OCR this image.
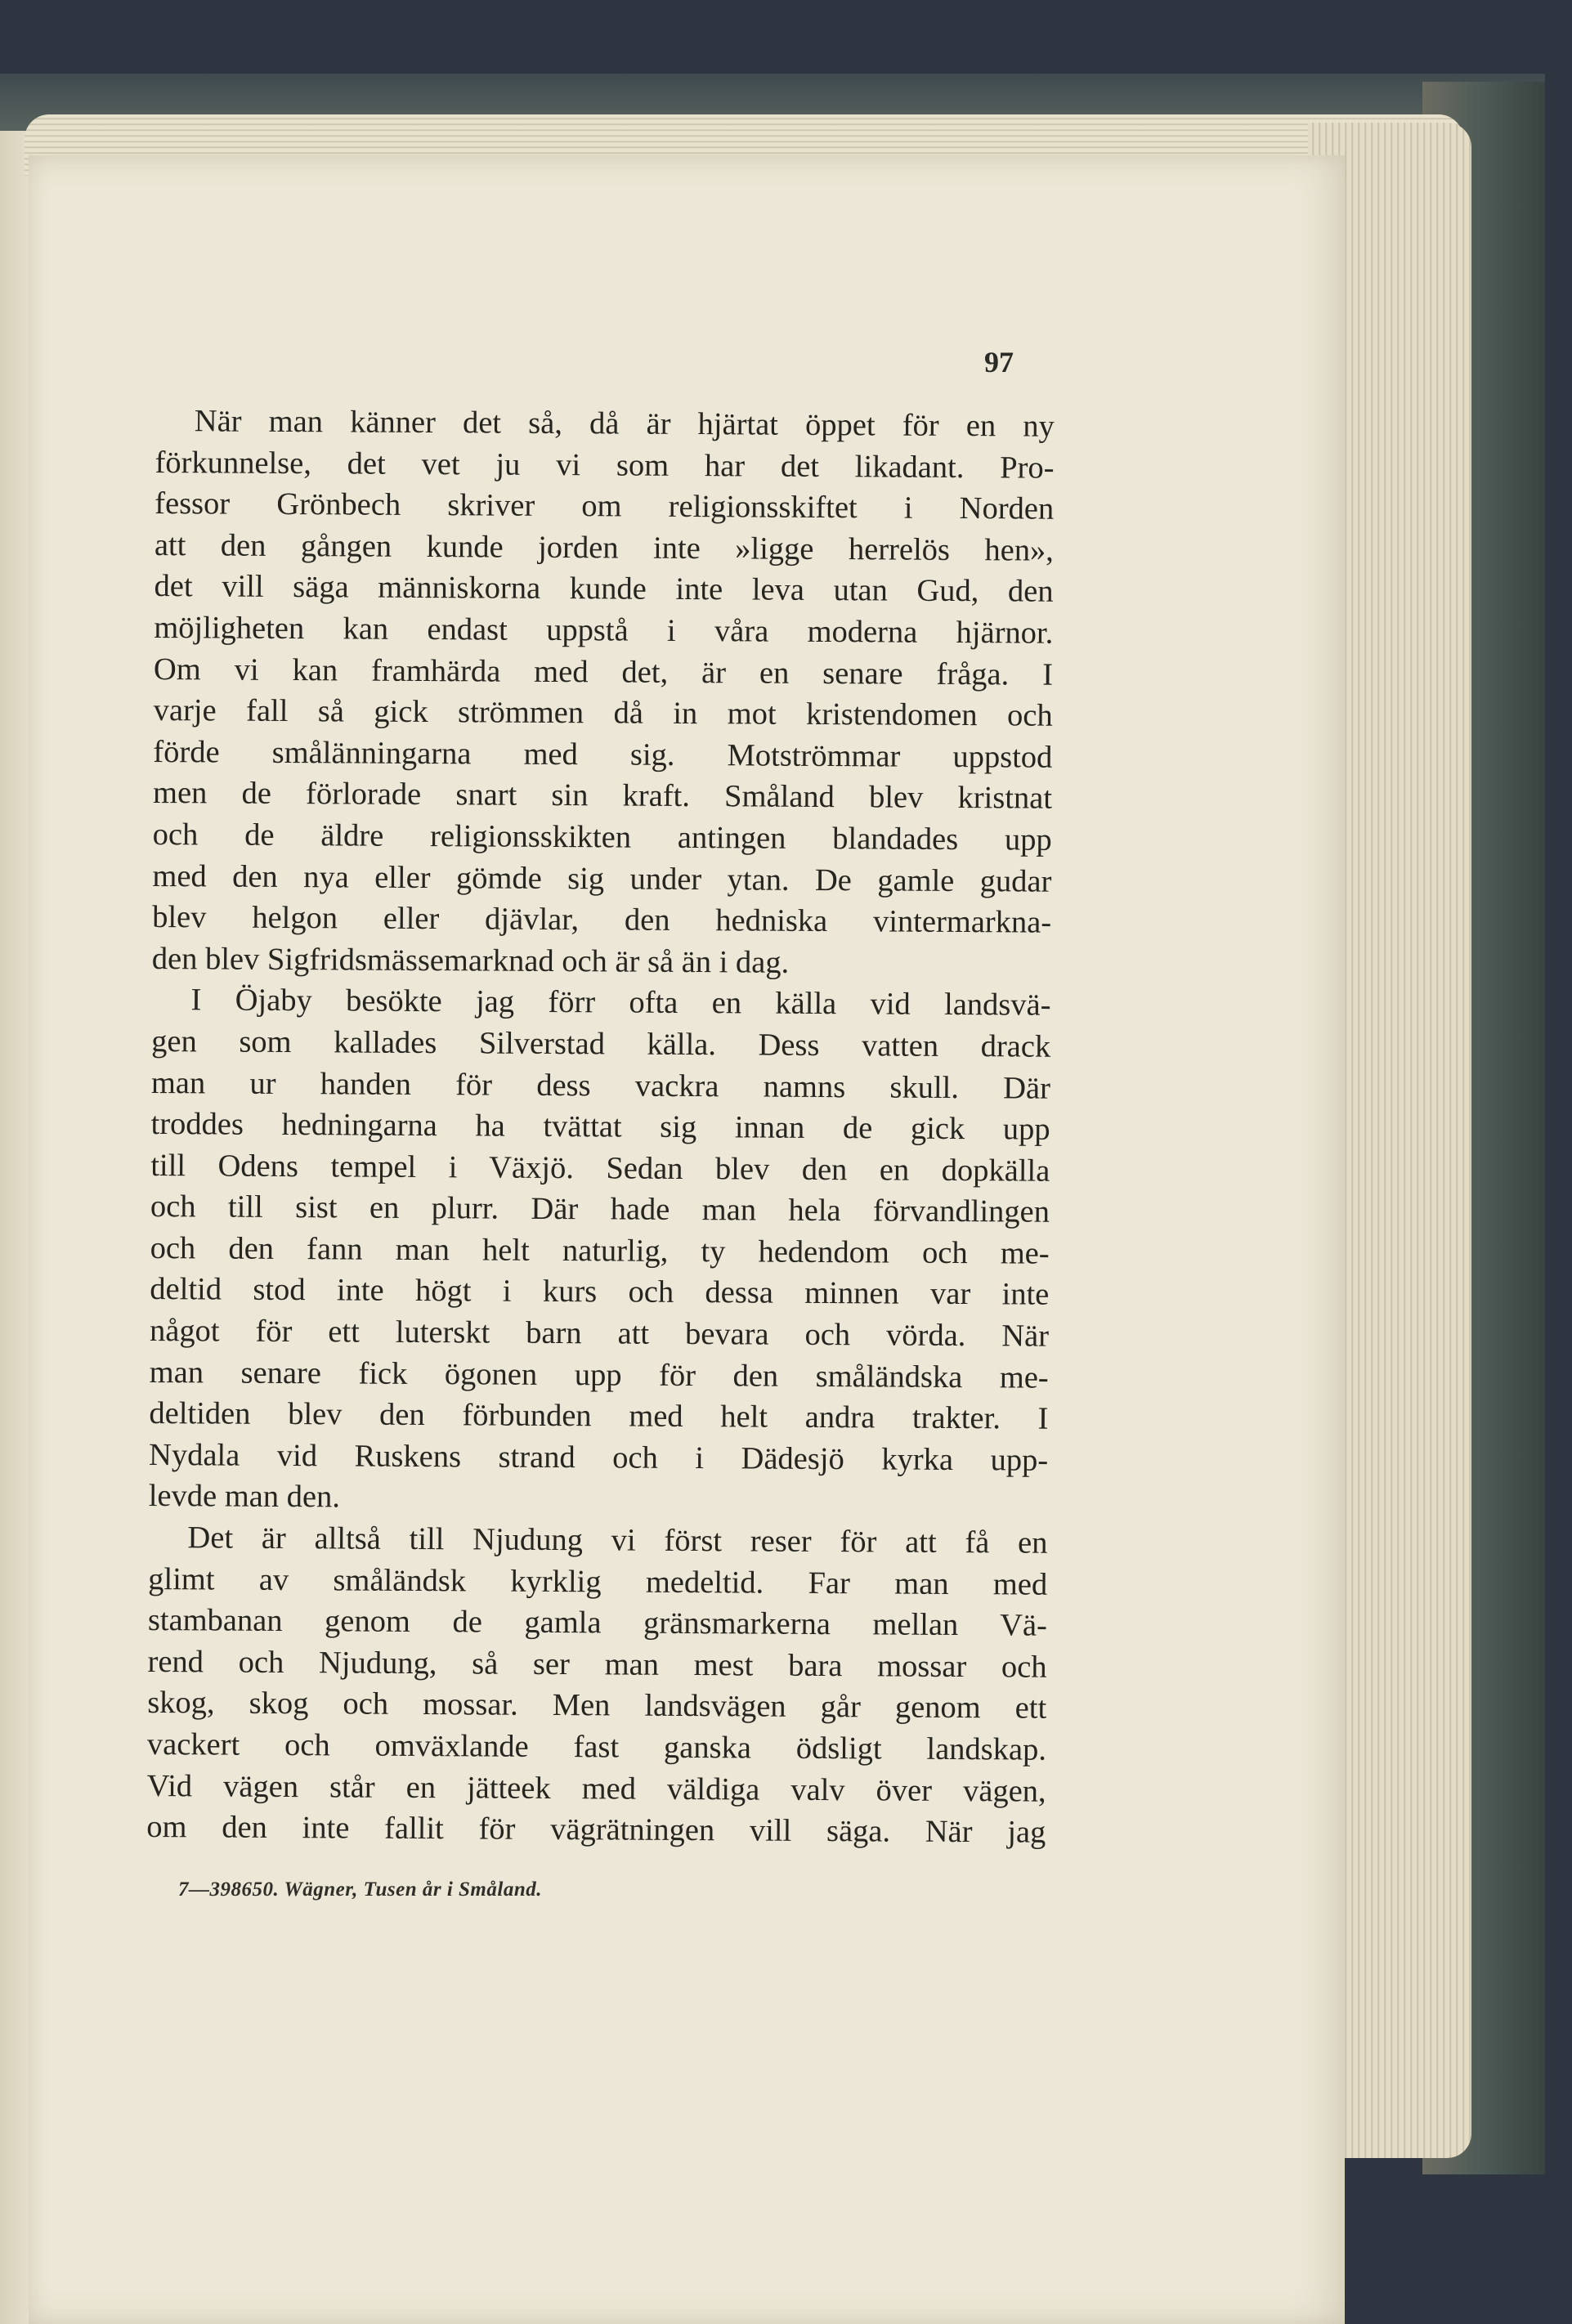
97
När man känner det så, då är hjärtat öppet för en ny
förkunnelse, det vet ju vi som har det likadant. Pro-
fessor Grönbech skriver om religionsskiftet i Norden
att den gången kunde jorden inte »ligge herrelös hen»,
det vill säga människorna kunde inte leva utan Gud, den
möjligheten kan endast uppstå i våra moderna hjärnor.
Om vi kan framhärda med det, är en senare fråga. I
varje fall så gick strömmen då in mot kristendomen och
förde smålänningarna med sig. Motströmmar uppstod
men de förlorade snart sin kraft. Småland blev kristnat
och de äldre religionsskikten antingen blandades upp
med den nya eller gömde sig under ytan. De gamle gudar
blev helgon eller djävlar, den hedniska vintermarkna-
den blev Sigfridsmässemarknad och är så än i dag.
I Öjaby besökte jag förr ofta en källa vid landsvä-
gen som kallades Silverstad källa. Dess vatten drack
man ur handen för dess vackra namns skull. Där
troddes hedningarna ha tvättat sig innan de gick upp
till Odens tempel i Växjö. Sedan blev den en dopkälla
och till sist en plurr. Där hade man hela förvandlingen
och den fann man helt naturlig, ty hedendom och me-
deltid stod inte högt i kurs och dessa minnen var inte
något för ett luterskt barn att bevara och vörda. När
man senare fick ögonen upp för den småländska me-
deltiden blev den förbunden med helt andra trakter. I
Nydala vid Ruskens strand och i Dädesjö kyrka upp-
levde man den.
Det är alltså till Njudung vi först reser för att få en
glimt av småländsk kyrklig medeltid. Far man med
stambanan genom de gamla gränsmarkerna mellan Vä-
rend och Njudung, så ser man mest bara mossar och
skog, skog och mossar. Men landsvägen går genom ett
vackert och omväxlande fast ganska ödsligt landskap.
Vid vägen står en jätteek med väldiga valv över vägen,
om den inte fallit för vägrätningen vill säga. När jag
7—398650. Wägner, Tusen år i Småland.
